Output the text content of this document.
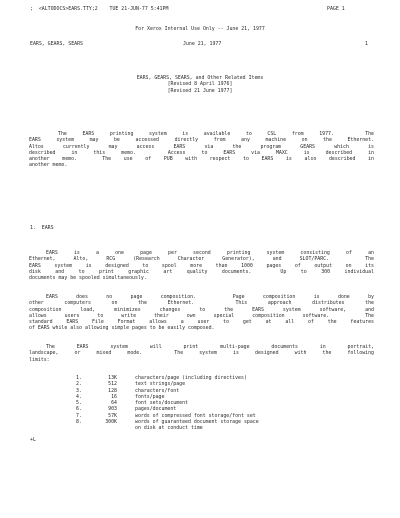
;  <ALTODOCS>EARS.TTY;2    TUE 21-JUN-77 5:41PM	PAGE 1
For Xerox Internal Use Only -- June 21, 1977
EARS, GEARS, SEARS	June 21, 1977	1
EARS, GEARS, SEARS, and Other Related Items
[Revised 8 April 1976]
[Revised 21 June 1977]
The EARS printing system is available to CSL from 1977.  The
EARS system may be accessed directly from any machine on the Ethernet.
Altos currently may access EARS via the program GEARS which is
described in this memo.  Access to EARS via MAXC is described in
another memo.  The use of PUB with respect to EARS is also described in
another memo.
1.  EARS
EARS is a one page per second printing system consisting of an
Ethernet, Alto, RCG (Research Character Generator), and SLOT/PARC.  The
EARS system is designed to spool more than 1000 pages of output on its
disk and to print graphic art quality documents.  Up to 300 individual
documents may be spooled simultaneously.
EARS does no page composition.  Page composition is done by
other computers on the Ethernet.  This approach distributes the
composition load, minimizes changes to the EARS system software, and
allows users to write their own special composition software.  The
standard EARS File Format allows a user to get at all of the features
of EARS while also allowing simple pages to be easily composed.
The EARS system will print multi-page documents in portrait,
landscape, or mixed mode.  The system is designed with the following
limits:
1.	13K	characters/page (including directives)
2.	512	text strings/page
3.	128	characters/font
4.	16	fonts/page
5.	64	font sets/document
6.	903	pages/document
7.	57K	words of compressed font storage/font set
8.	300K	words of guaranteed document storage space
on disk at conduct time
+L
